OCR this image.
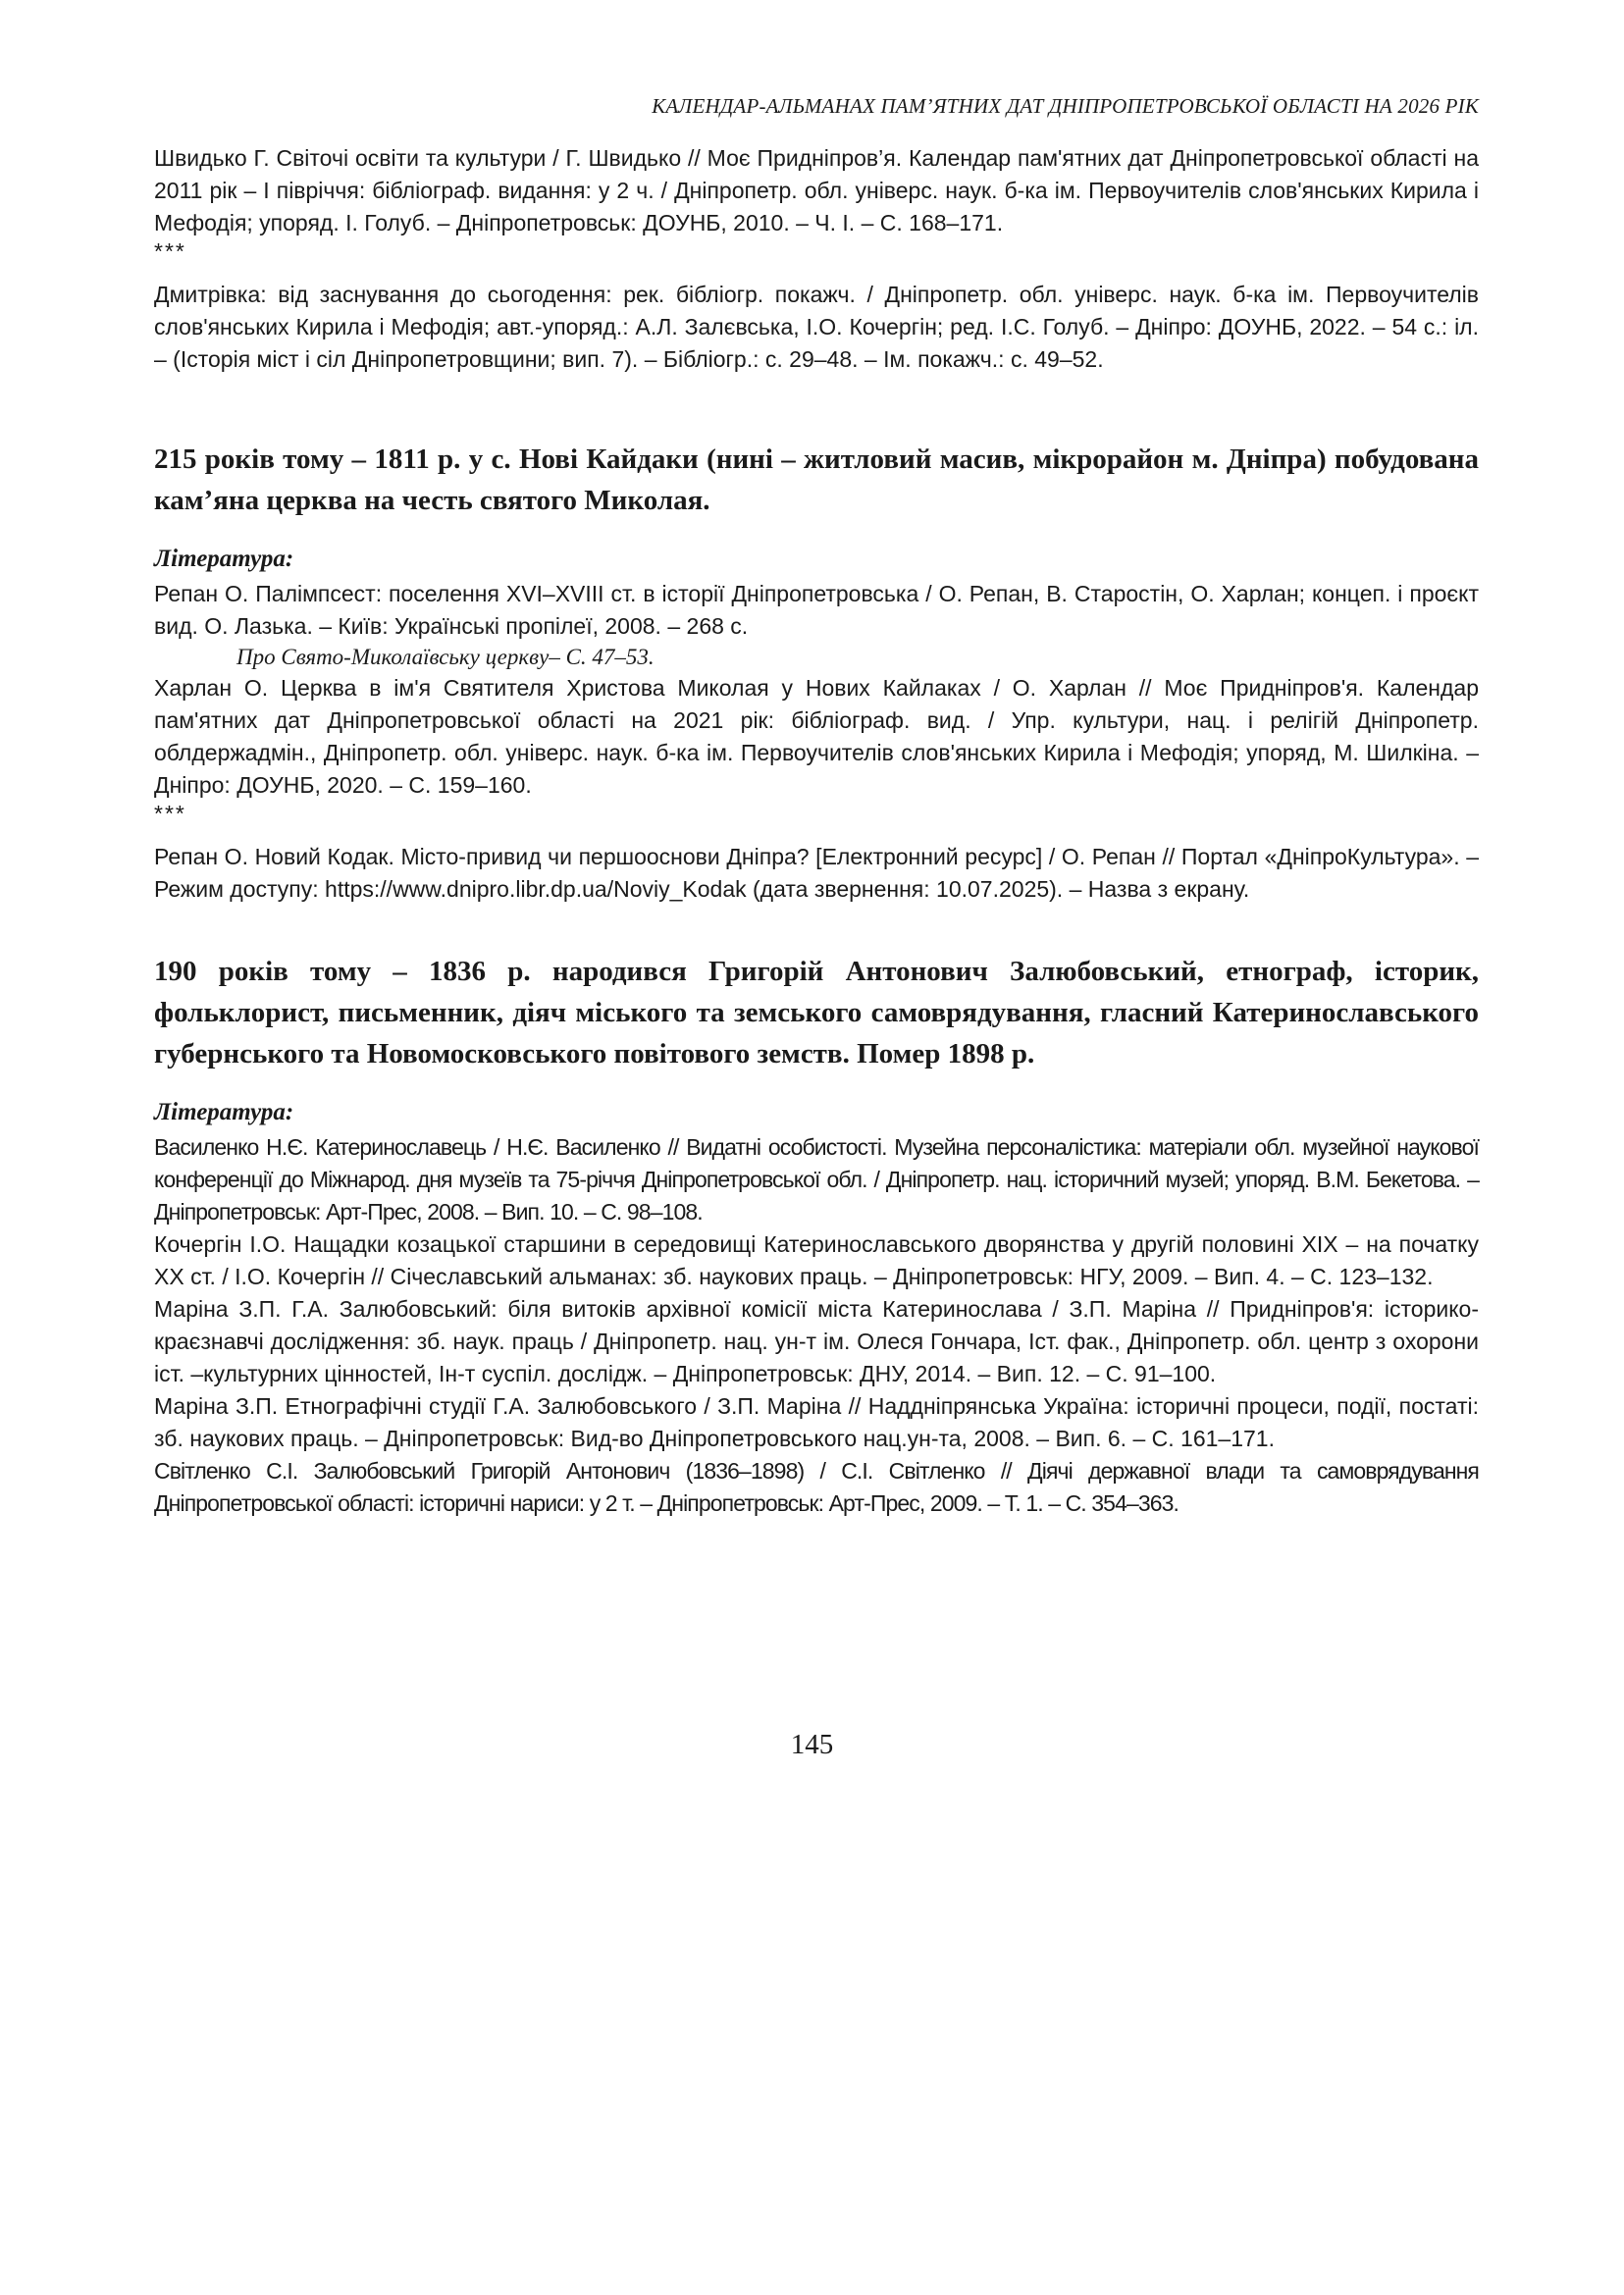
КАЛЕНДАР-АЛЬМАНАХ ПАМ’ЯТНИХ ДАТ ДНІПРОПЕТРОВСЬКОЇ ОБЛАСТІ НА 2026 РІК

Швидько Г. Світочі освіти та культури / Г. Швидько // Моє Придніпров’я. Календар пам'ятних дат Дніпропетровської області на 2011 рік – І півріччя: бібліограф. видання: у 2 ч. / Дніпропетр. обл. універс. наук. б-ка ім. Первоучителів слов'янських Кирила і Мефодія; упоряд. І. Голуб. – Дніпропетровськ: ДОУНБ, 2010. – Ч. І. – С. 168–171.

***

Дмитрівка: від заснування до сьогодення: рек. бібліогр. покажч. / Дніпропетр. обл. універс. наук. б-ка ім. Первоучителів слов'янських Кирила і Мефодія; авт.-упоряд.: А.Л. Залєвська, І.О. Кочергін; ред. І.С. Голуб. – Дніпро: ДОУНБ, 2022. – 54 с.: іл. – (Історія міст і сіл Дніпропетровщини; вип. 7). – Бібліогр.: с. 29–48. – Ім. покажч.: с. 49–52.

215 років тому – 1811 р. у с. Нові Кайдаки (нині – житловий масив, мікрорайон м. Дніпра) побудована кам’яна церква на честь святого Миколая.

Література:

Репан О. Палімпсест: поселення XVI–XVIII ст. в історії Дніпропетровська / О. Репан, В. Старостін, О. Харлан; концеп. і проєкт вид. О. Лазька. – Київ: Українські пропілеї, 2008. – 268 с.

Про Свято-Миколаївську церкву– С. 47–53.

Харлан О. Церква в ім'я Святителя Христова Миколая у Нових Кайлаках / О. Харлан // Моє Придніпров'я. Календар пам'ятних дат Дніпропетровської області на 2021 рік: бібліограф. вид. / Упр. культури, нац. і релігій Дніпропетр. облдержадмін., Дніпропетр. обл. універс. наук. б-ка ім. Первоучителів слов'янських Кирила і Мефодія; упоряд, М. Шилкіна. – Дніпро: ДОУНБ, 2020. – С. 159–160.

***

Репан О. Новий Кодак. Місто-привид чи першооснови Дніпра? [Електронний ресурс] / О. Репан // Портал «ДніпроКультура». – Режим доступу: https://www.dnipro.libr.dp.ua/Noviy_Kodak (дата звернення: 10.07.2025). – Назва з екрану.

190 років тому – 1836 р. народився Григорій Антонович Залюбовський, етнограф, історик, фольклорист, письменник, діяч міського та земського самоврядування, гласний Катеринославського губернського та Новомосковського повітового земств. Помер 1898 р.

Література:

Василенко Н.Є. Катеринославець / Н.Є. Василенко // Видатні особистості. Музейна персоналістика: матеріали обл. музейної наукової конференції до Міжнарод. дня музеїв та 75-річчя Дніпропетровської обл. / Дніпропетр. нац. історичний музей; упоряд. В.М. Бекетова. – Дніпропетровськ: Арт-Прес, 2008. – Вип. 10. – С. 98–108.

Кочергін І.О. Нащадки козацької старшини в середовищі Катеринославського дворянства у другій половині XIX – на початку XX ст. / І.О. Кочергін // Січеславський альманах: зб. наукових праць. – Дніпропетровськ: НГУ, 2009. – Вип. 4. – С. 123–132.

Маріна З.П. Г.А. Залюбовський: біля витоків архівної комісії міста Катеринослава / З.П. Маріна // Придніпров'я: історико-краєзнавчі дослідження: зб. наук. праць / Дніпропетр. нац. ун-т ім. Олеся Гончара, Іст. фак., Дніпропетр. обл. центр з охорони іст. –культурних цінностей, Ін-т суспіл. дослідж. – Дніпропетровськ: ДНУ, 2014. – Вип. 12. – С. 91–100.

Маріна З.П. Етнографічні студії Г.А. Залюбовського / З.П. Маріна // Наддніпрянська Україна: історичні процеси, події, постаті: зб. наукових праць. – Дніпропетровськ: Вид-во Дніпропетровського нац.ун-та, 2008. – Вип. 6. – С. 161–171.

Світленко С.І. Залюбовський Григорій Антонович (1836–1898) / С.І. Світленко // Діячі державної влади та самоврядування Дніпропетровської області: історичні нариси: у 2 т. – Дніпропетровськ: Арт-Прес, 2009. – Т. 1. – С. 354–363.

145
